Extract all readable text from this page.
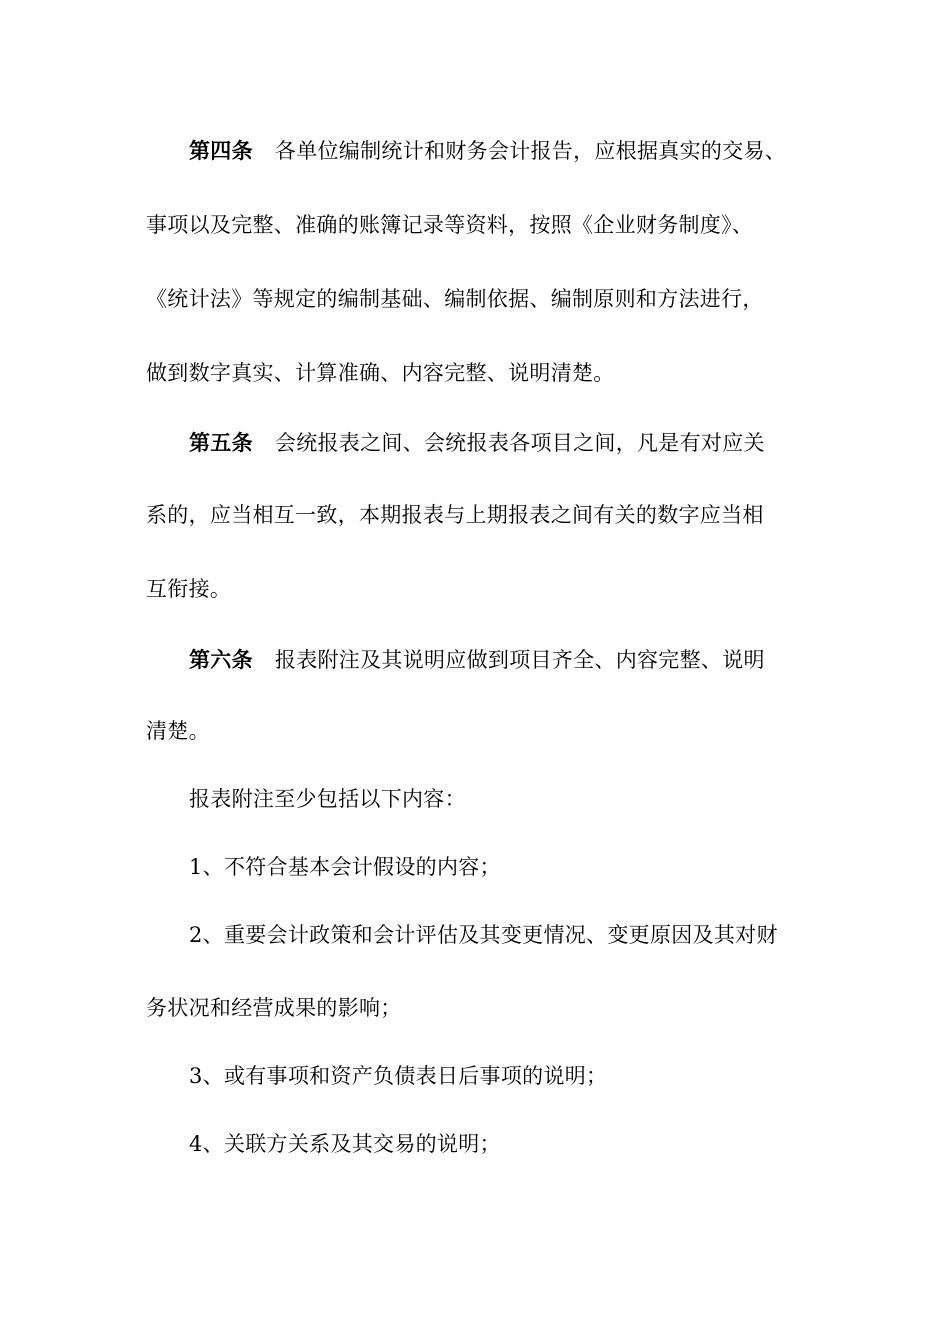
第四条 各单位编制统计和财务会计报告，应根据真实的交易、
事项以及完整、准确的账簿记录等资料，按照《企业财务制度》、
《统计法》等规定的编制基础、编制依据、编制原则和方法进行，
做到数字真实、计算准确、内容完整、说明清楚。
第五条 会统报表之间、会统报表各项目之间，凡是有对应关
系的，应当相互一致，本期报表与上期报表之间有关的数字应当相
互衔接。
第六条 报表附注及其说明应做到项目齐全、内容完整、说明
清楚。
报表附注至少包括以下内容：
1、不符合基本会计假设的内容；
2、重要会计政策和会计评估及其变更情况、变更原因及其对财
务状况和经营成果的影响；
3、或有事项和资产负债表日后事项的说明；
4、关联方关系及其交易的说明；
